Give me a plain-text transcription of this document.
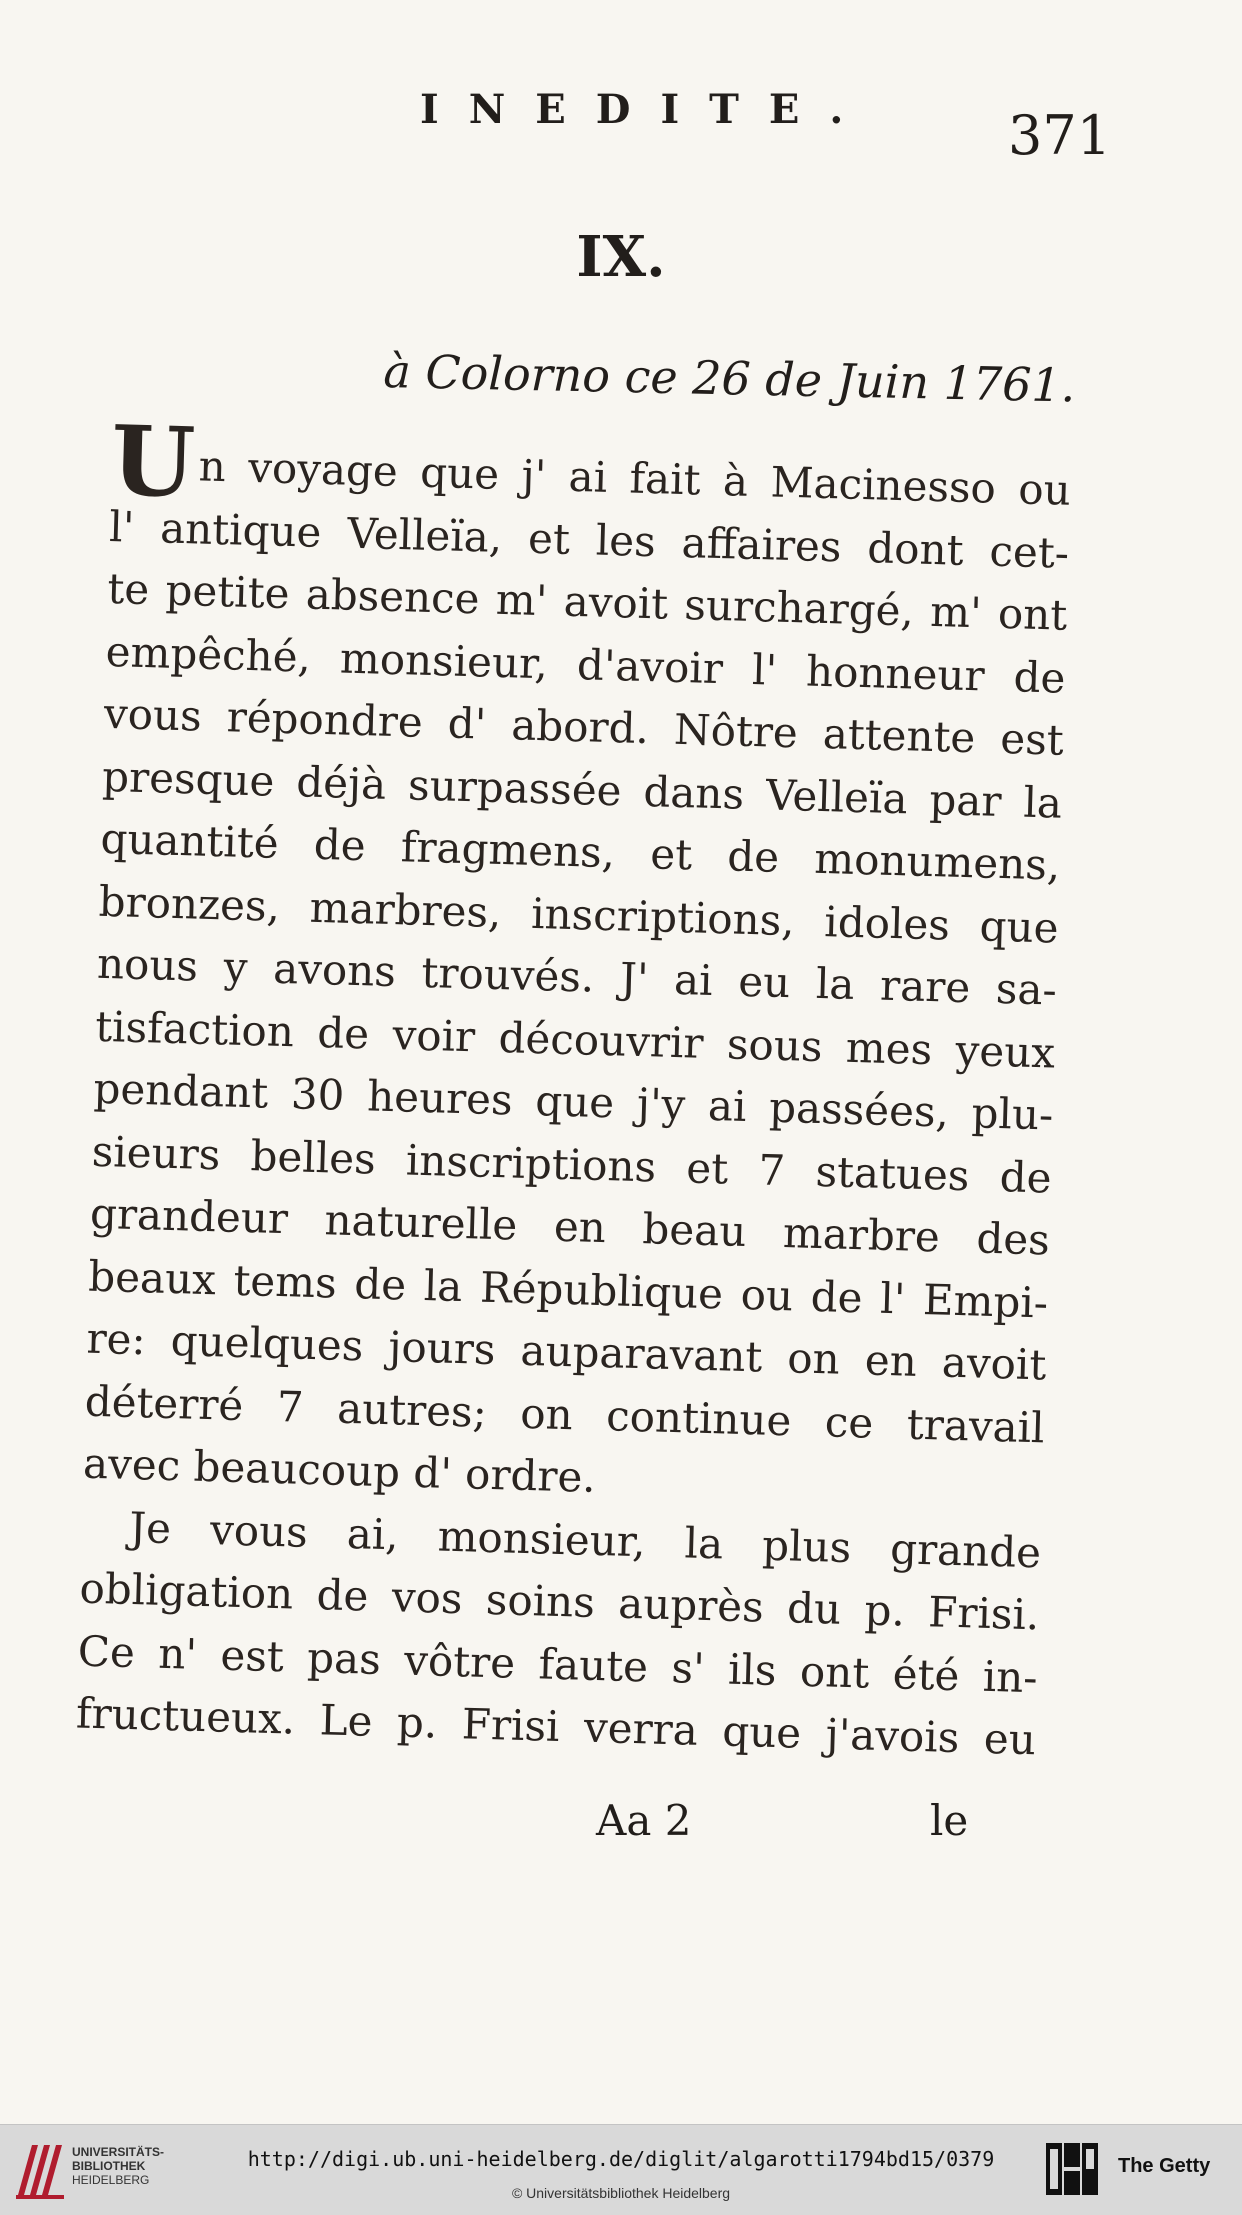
INEDITE. 371
IX.
à Colorno ce 26 de Juin 1761.
Un voyage que j' ai fait à Macinesso ou
l' antique Velleïa, et les affaires dont cet-
te petite absence m' avoit surchargé, m' ont
empêché, monsieur, d'avoir l' honneur de
vous répondre d' abord. Nôtre attente est
presque déjà surpassée dans Velleïa par la
quantité de fragmens, et de monumens,
bronzes, marbres, inscriptions, idoles que
nous y avons trouvés. J' ai eu la rare sa-
tisfaction de voir découvrir sous mes yeux
pendant 30 heures que j'y ai passées, plu-
sieurs belles inscriptions et 7 statues de
grandeur naturelle en beau marbre des
beaux tems de la République ou de l' Empi-
re: quelques jours auparavant on en avoit
déterré 7 autres; on continue ce travail
avec beaucoup d' ordre.
Je vous ai, monsieur, la plus grande
obligation de vos soins auprès du p. Frisi.
Ce n' est pas vôtre faute s' ils ont été in-
fructueux. Le p. Frisi verra que j'avois eu
Aa 2	le
UNIVERSITÄTS-
BIBLIOTHEK
HEIDELBERG
http://digi.ub.uni-heidelberg.de/diglit/algarotti1794bd15/0379
© Universitätsbibliothek Heidelberg
The Getty
